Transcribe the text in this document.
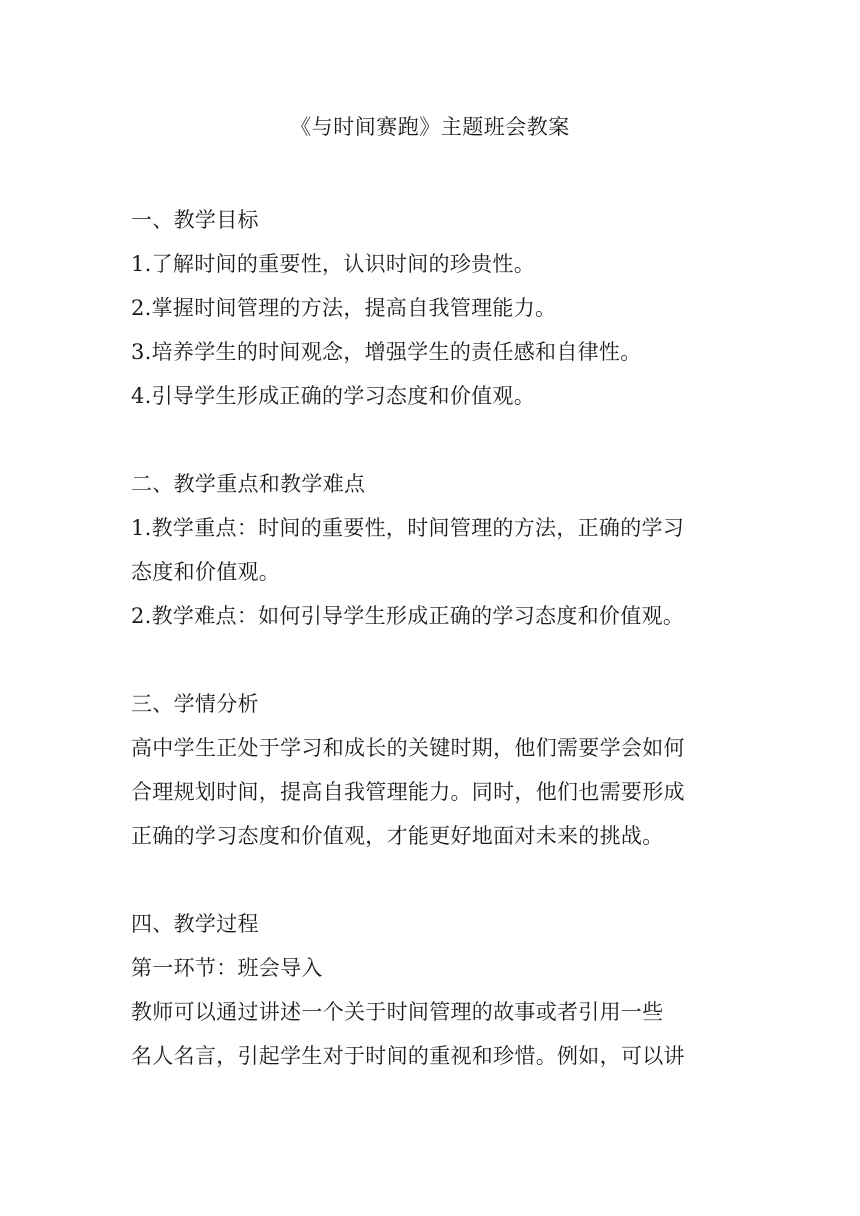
《与时间赛跑》主题班会教案
一、教学目标
1.了解时间的重要性，认识时间的珍贵性。
2.掌握时间管理的方法，提高自我管理能力。
3.培养学生的时间观念，增强学生的责任感和自律性。
4.引导学生形成正确的学习态度和价值观。
二、教学重点和教学难点
1.教学重点：时间的重要性，时间管理的方法，正确的学习
态度和价值观。
2.教学难点：如何引导学生形成正确的学习态度和价值观。
三、学情分析
高中学生正处于学习和成长的关键时期，他们需要学会如何
合理规划时间，提高自我管理能力。同时，他们也需要形成
正确的学习态度和价值观，才能更好地面对未来的挑战。
四、教学过程
第一环节：班会导入
教师可以通过讲述一个关于时间管理的故事或者引用一些
名人名言，引起学生对于时间的重视和珍惜。例如，可以讲
